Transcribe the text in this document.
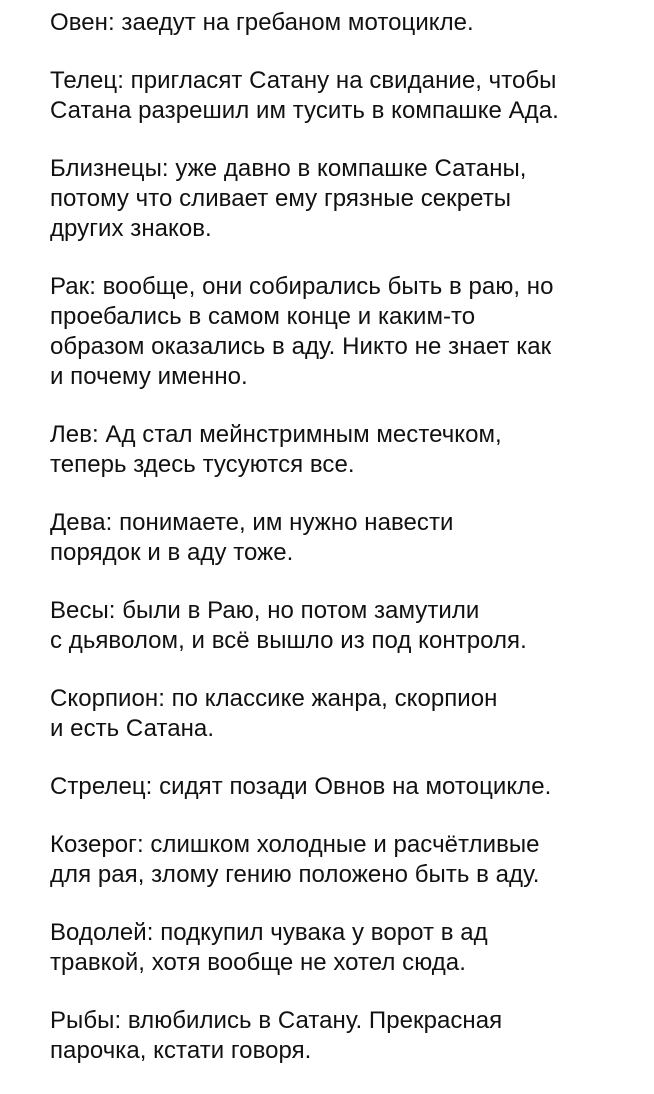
Овен: заедут на гребаном мотоцикле.

Телец: пригласят Сатану на свидание, чтобы
Сатана разрешил им тусить в компашке Ада.

Близнецы: уже давно в компашке Сатаны,
потому что сливает ему грязные секреты
других знаков.

Рак: вообще, они собирались быть в раю, но
проебались в самом конце и каким-то
образом оказались в аду. Никто не знает как
и почему именно.

Лев: Ад стал мейнстримным местечком,
теперь здесь тусуются все.

Дева: понимаете, им нужно навести
порядок и в аду тоже.

Весы: были в Раю, но потом замутили
с дьяволом, и всё вышло из под контроля.

Скорпион: по классике жанра, скорпион
и есть Сатана.

Стрелец: сидят позади Овнов на мотоцикле.

Козерог: слишком холодные и расчётливые
для рая, злому гению положено быть в аду.

Водолей: подкупил чувака у ворот в ад
травкой, хотя вообще не хотел сюда.

Рыбы: влюбились в Сатану. Прекрасная
парочка, кстати говоря.
